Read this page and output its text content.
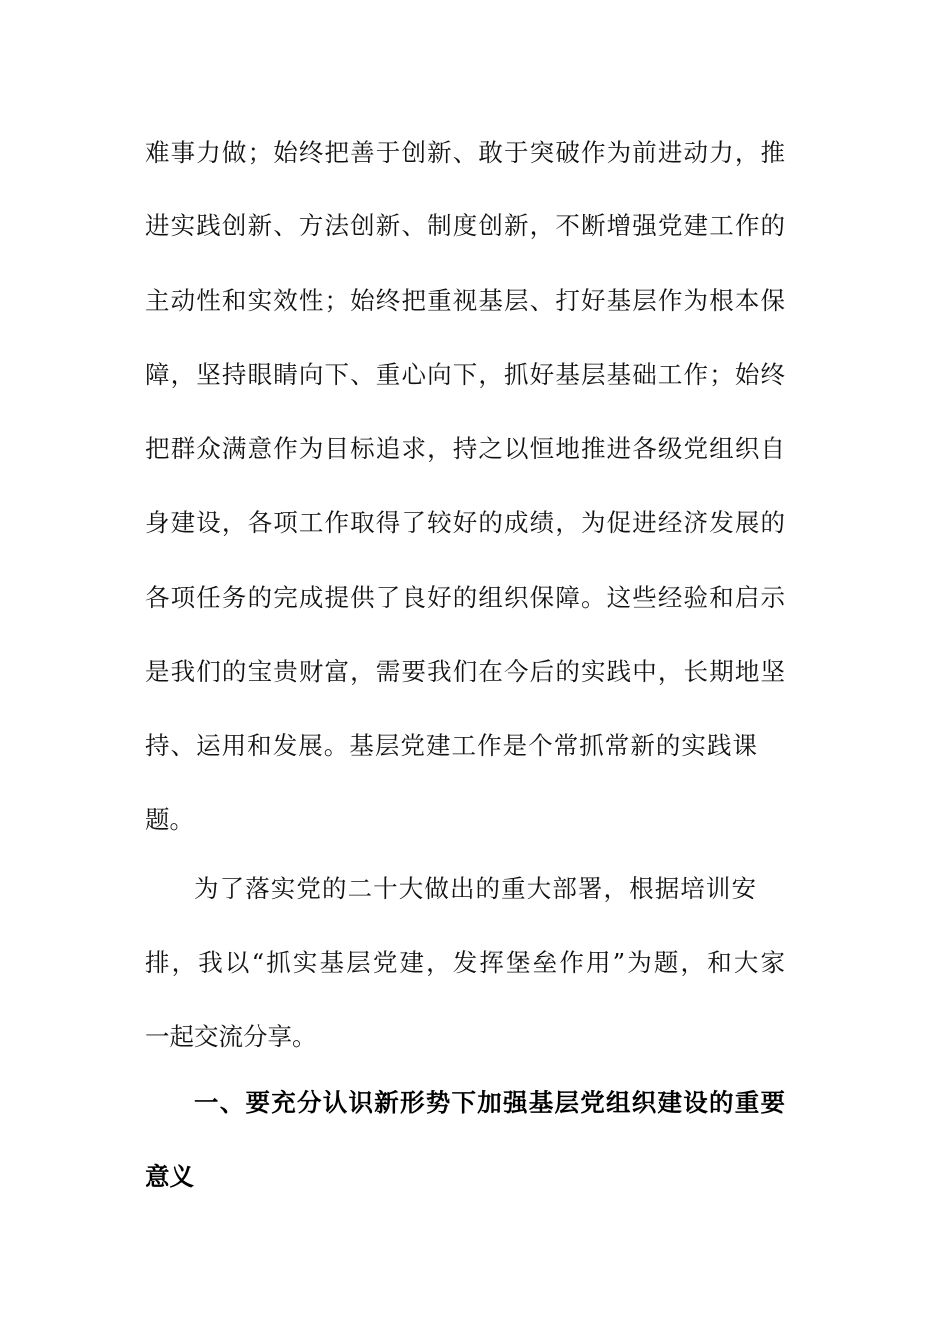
难事力做；始终把善于创新、敢于突破作为前进动力，推
进实践创新、方法创新、制度创新，不断增强党建工作的
主动性和实效性；始终把重视基层、打好基层作为根本保
障，坚持眼睛向下、重心向下，抓好基层基础工作；始终
把群众满意作为目标追求，持之以恒地推进各级党组织自
身建设，各项工作取得了较好的成绩，为促进经济发展的
各项任务的完成提供了良好的组织保障。这些经验和启示
是我们的宝贵财富，需要我们在今后的实践中，长期地坚
持、运用和发展。基层党建工作是个常抓常新的实践课
题。
为了落实党的二十大做出的重大部署，根据培训安
排，我以“抓实基层党建，发挥堡垒作用”为题，和大家
一起交流分享。
一、要充分认识新形势下加强基层党组织建设的重要
意义
